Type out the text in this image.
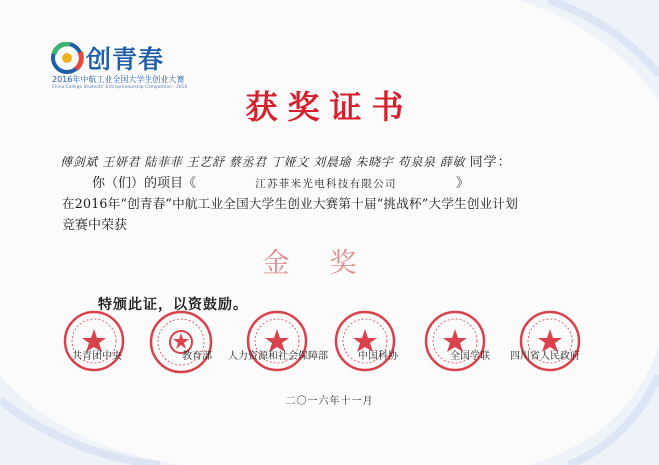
创青春
2016年中航工业全国大学生创业大赛
China College Students' Entrepreneurship Competition · 2016
获奖证书
傅剑斌 王妍君 陆菲菲 王艺舒 蔡丞君 丁娅文 刘晨瑜 朱晓宇 苟泉泉 薛敏 同学：
你（们）的项目《	江苏菲米光电科技有限公司	》
在2016年“创青春”中航工业全国大学生创业大赛第十届“挑战杯”大学生创业计划
竞赛中荣获
金奖
特颁此证，以资鼓励。
共青团中央	教育部 人力资源和社会保障部	中国科协	全国学联 四川省人民政府
二〇一六年十一月
